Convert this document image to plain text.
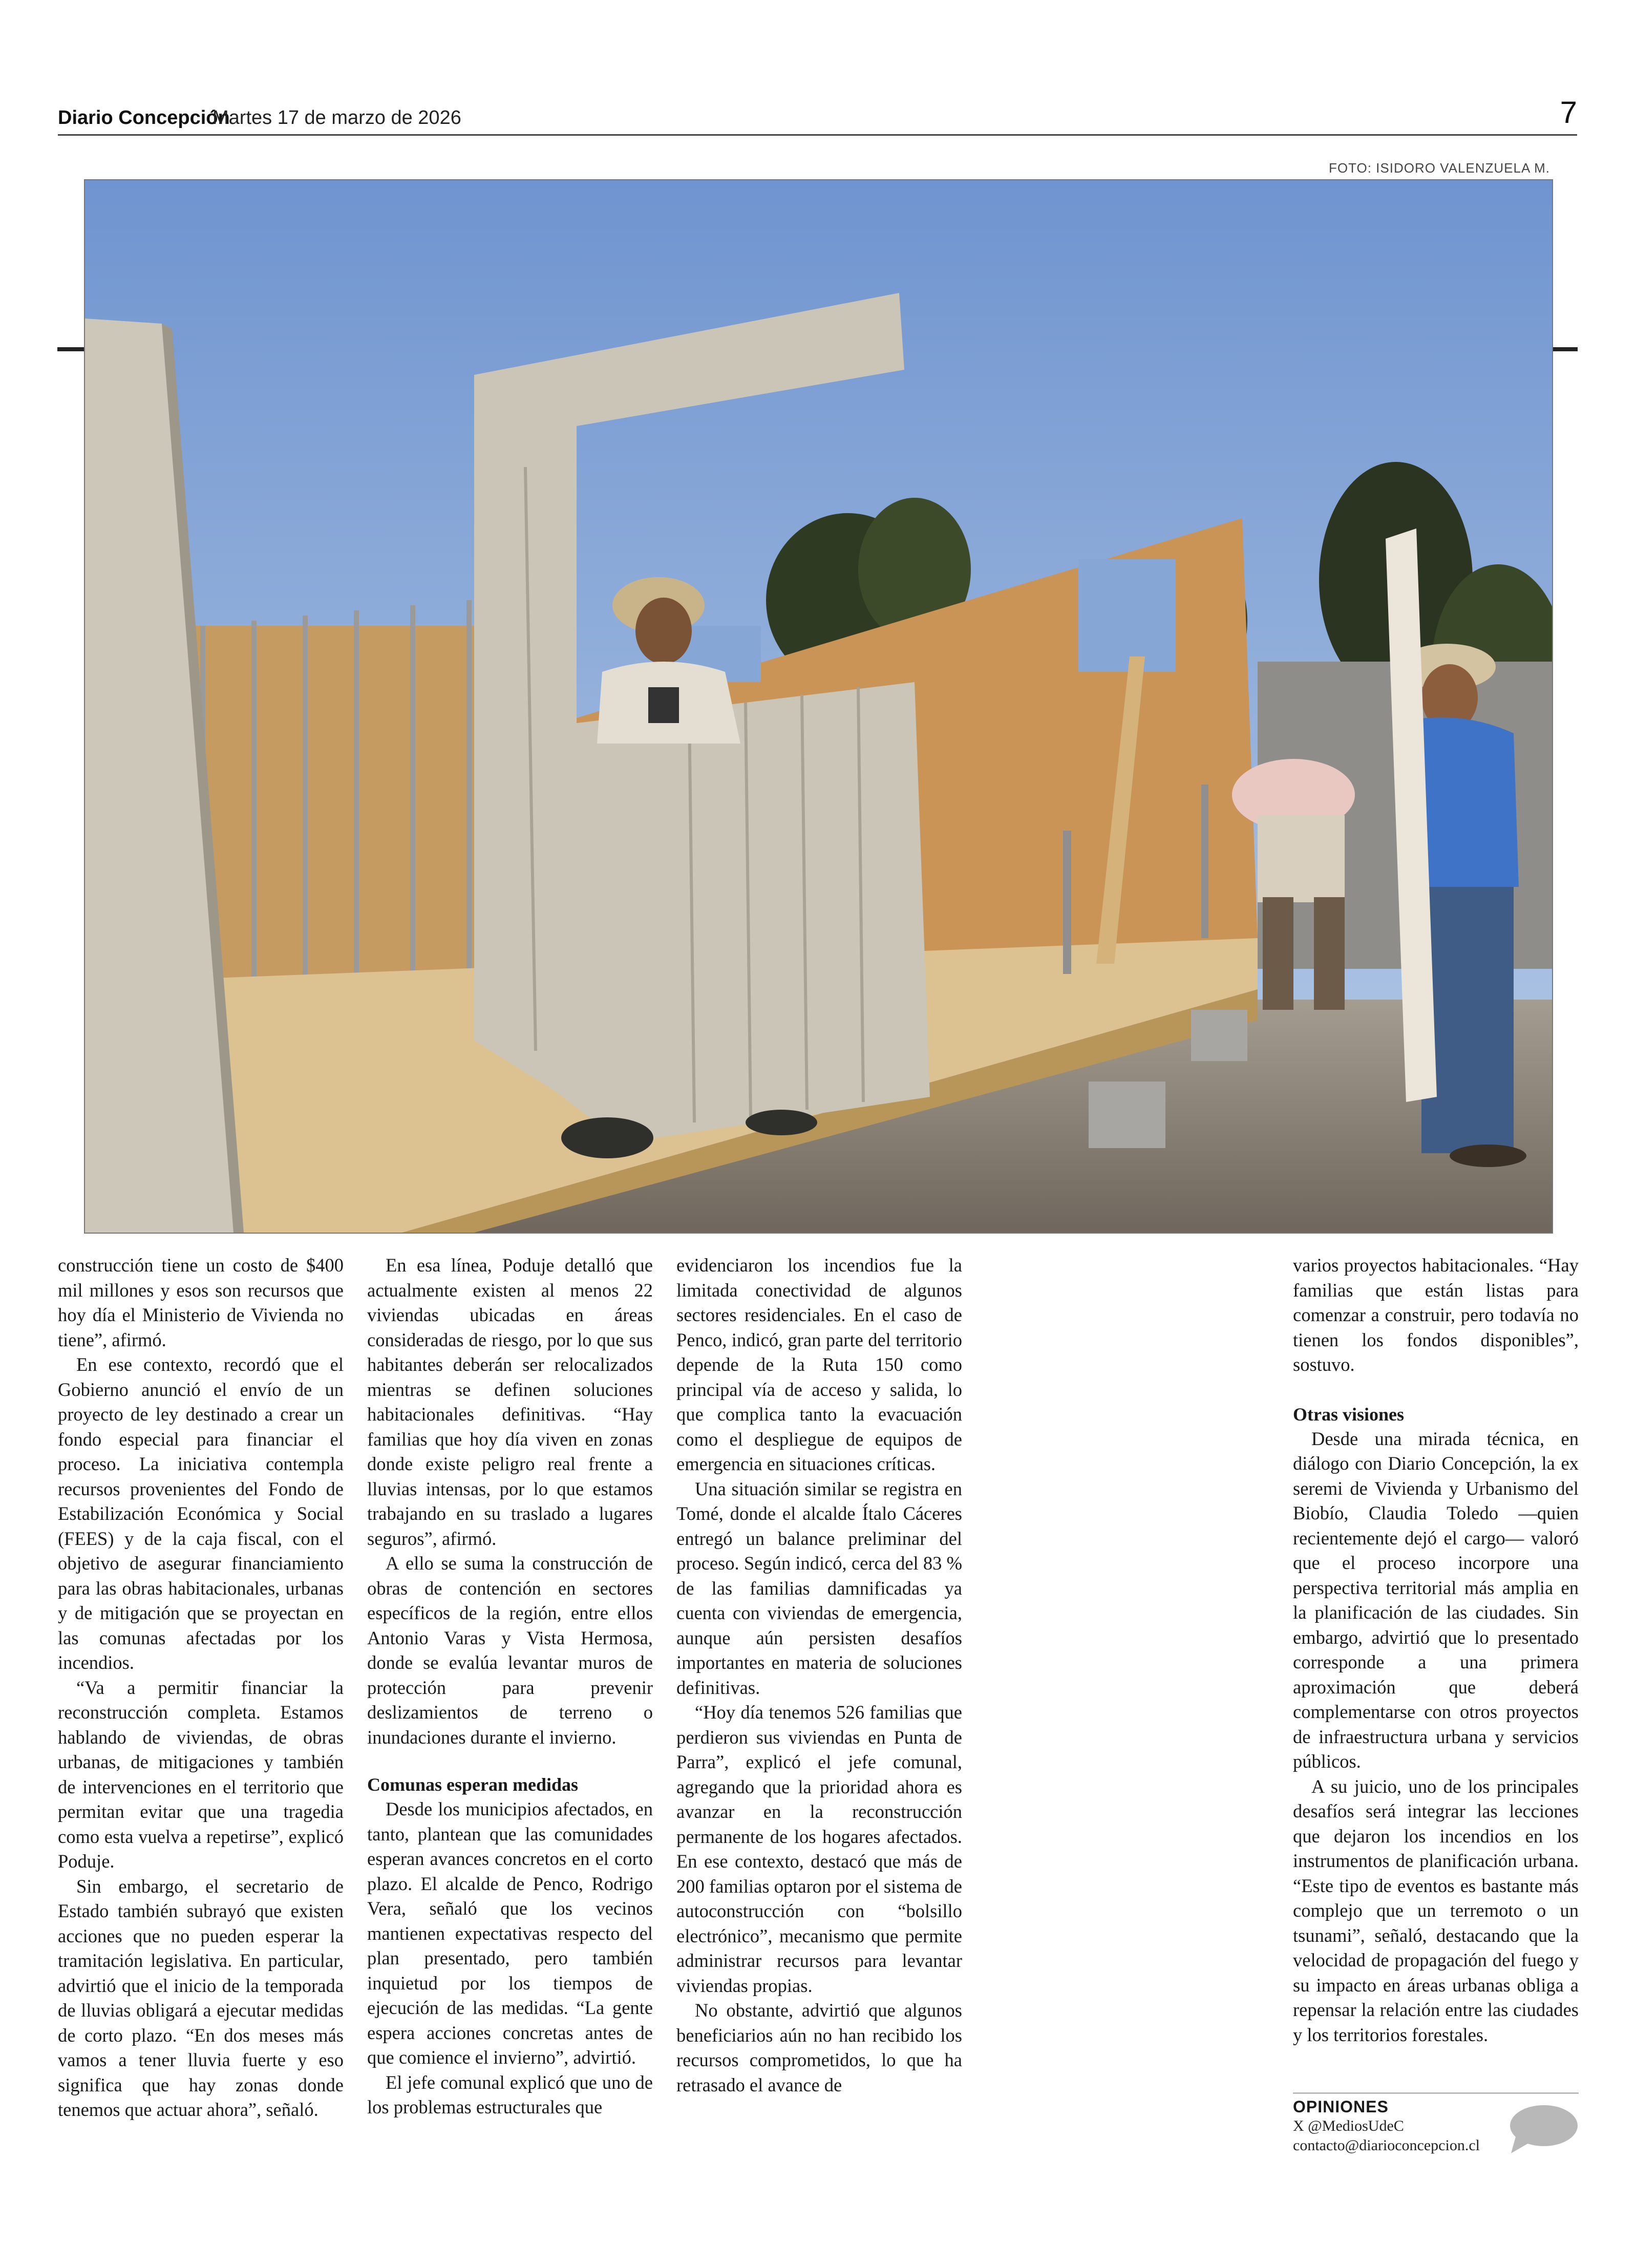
Diario Concepción
Martes 17 de marzo de 2026	7
FOTO: ISIDORO VALENZUELA M.

construcción tiene un costo de $400 mil millones y esos son recursos que hoy día el Ministerio de Vivienda no tiene”, afirmó.

En ese contexto, recordó que el Gobierno anunció el envío de un proyecto de ley destinado a crear un fondo especial para financiar el proceso. La iniciativa contempla recursos provenientes del Fondo de Estabilización Económica y Social (FEES) y de la caja fiscal, con el objetivo de asegurar financiamiento para las obras habitacionales, urbanas y de mitigación que se proyectan en las comunas afectadas por los incendios.

“Va a permitir financiar la reconstrucción completa. Estamos hablando de viviendas, de obras urbanas, de mitigaciones y también de intervenciones en el territorio que permitan evitar que una tragedia como esta vuelva a repetirse”, explicó Poduje.

Sin embargo, el secretario de Estado también subrayó que existen acciones que no pueden esperar la tramitación legislativa. En particular, advirtió que el inicio de la temporada de lluvias obligará a ejecutar medidas de corto plazo. “En dos meses más vamos a tener lluvia fuerte y eso significa que hay zonas donde tenemos que actuar ahora”, señaló.

En esa línea, Poduje detalló que actualmente existen al menos 22 viviendas ubicadas en áreas consideradas de riesgo, por lo que sus habitantes deberán ser relocalizados mientras se definen soluciones habitacionales definitivas. “Hay familias que hoy día viven en zonas donde existe peligro real frente a lluvias intensas, por lo que estamos trabajando en su traslado a lugares seguros”, afirmó.

A ello se suma la construcción de obras de contención en sectores específicos de la región, entre ellos Antonio Varas y Vista Hermosa, donde se evalúa levantar muros de protección para prevenir deslizamientos de terreno o inundaciones durante el invierno.

Comunas esperan medidas

Desde los municipios afectados, en tanto, plantean que las comunidades esperan avances concretos en el corto plazo. El alcalde de Penco, Rodrigo Vera, señaló que los vecinos mantienen expectativas respecto del plan presentado, pero también inquietud por los tiempos de ejecución de las medidas. “La gente espera acciones concretas antes de que comience el invierno”, advirtió.

El jefe comunal explicó que uno de los problemas estructurales que

evidenciaron los incendios fue la limitada conectividad de algunos sectores residenciales. En el caso de Penco, indicó, gran parte del territorio depende de la Ruta 150 como principal vía de acceso y salida, lo que complica tanto la evacuación como el despliegue de equipos de emergencia en situaciones críticas.

Una situación similar se registra en Tomé, donde el alcalde Ítalo Cáceres entregó un balance preliminar del proceso. Según indicó, cerca del 83 % de las familias damnificadas ya cuenta con viviendas de emergencia, aunque aún persisten desafíos importantes en materia de soluciones definitivas.

“Hoy día tenemos 526 familias que perdieron sus viviendas en Punta de Parra”, explicó el jefe comunal, agregando que la prioridad ahora es avanzar en la reconstrucción permanente de los hogares afectados. En ese contexto, destacó que más de 200 familias optaron por el sistema de autoconstrucción con “bolsillo electrónico”, mecanismo que permite administrar recursos para levantar viviendas propias.

No obstante, advirtió que algunos beneficiarios aún no han recibido los recursos comprometidos, lo que ha retrasado el avance de

varios proyectos habitacionales. “Hay familias que están listas para comenzar a construir, pero todavía no tienen los fondos disponibles”, sostuvo.

Otras visiones

Desde una mirada técnica, en diálogo con Diario Concepción, la ex seremi de Vivienda y Urbanismo del Biobío, Claudia Toledo —quien recientemente dejó el cargo— valoró que el proceso incorpore una perspectiva territorial más amplia en la planificación de las ciudades. Sin embargo, advirtió que lo presentado corresponde a una primera aproximación que deberá complementarse con otros proyectos de infraestructura urbana y servicios públicos.

A su juicio, uno de los principales desafíos será integrar las lecciones que dejaron los incendios en los instrumentos de planificación urbana. “Este tipo de eventos es bastante más complejo que un terremoto o un tsunami”, señaló, destacando que la velocidad de propagación del fuego y su impacto en áreas urbanas obliga a repensar la relación entre las ciudades y los territorios forestales.

OPINIONES
X @MediosUdeC
contacto@diarioconcepcion.cl
